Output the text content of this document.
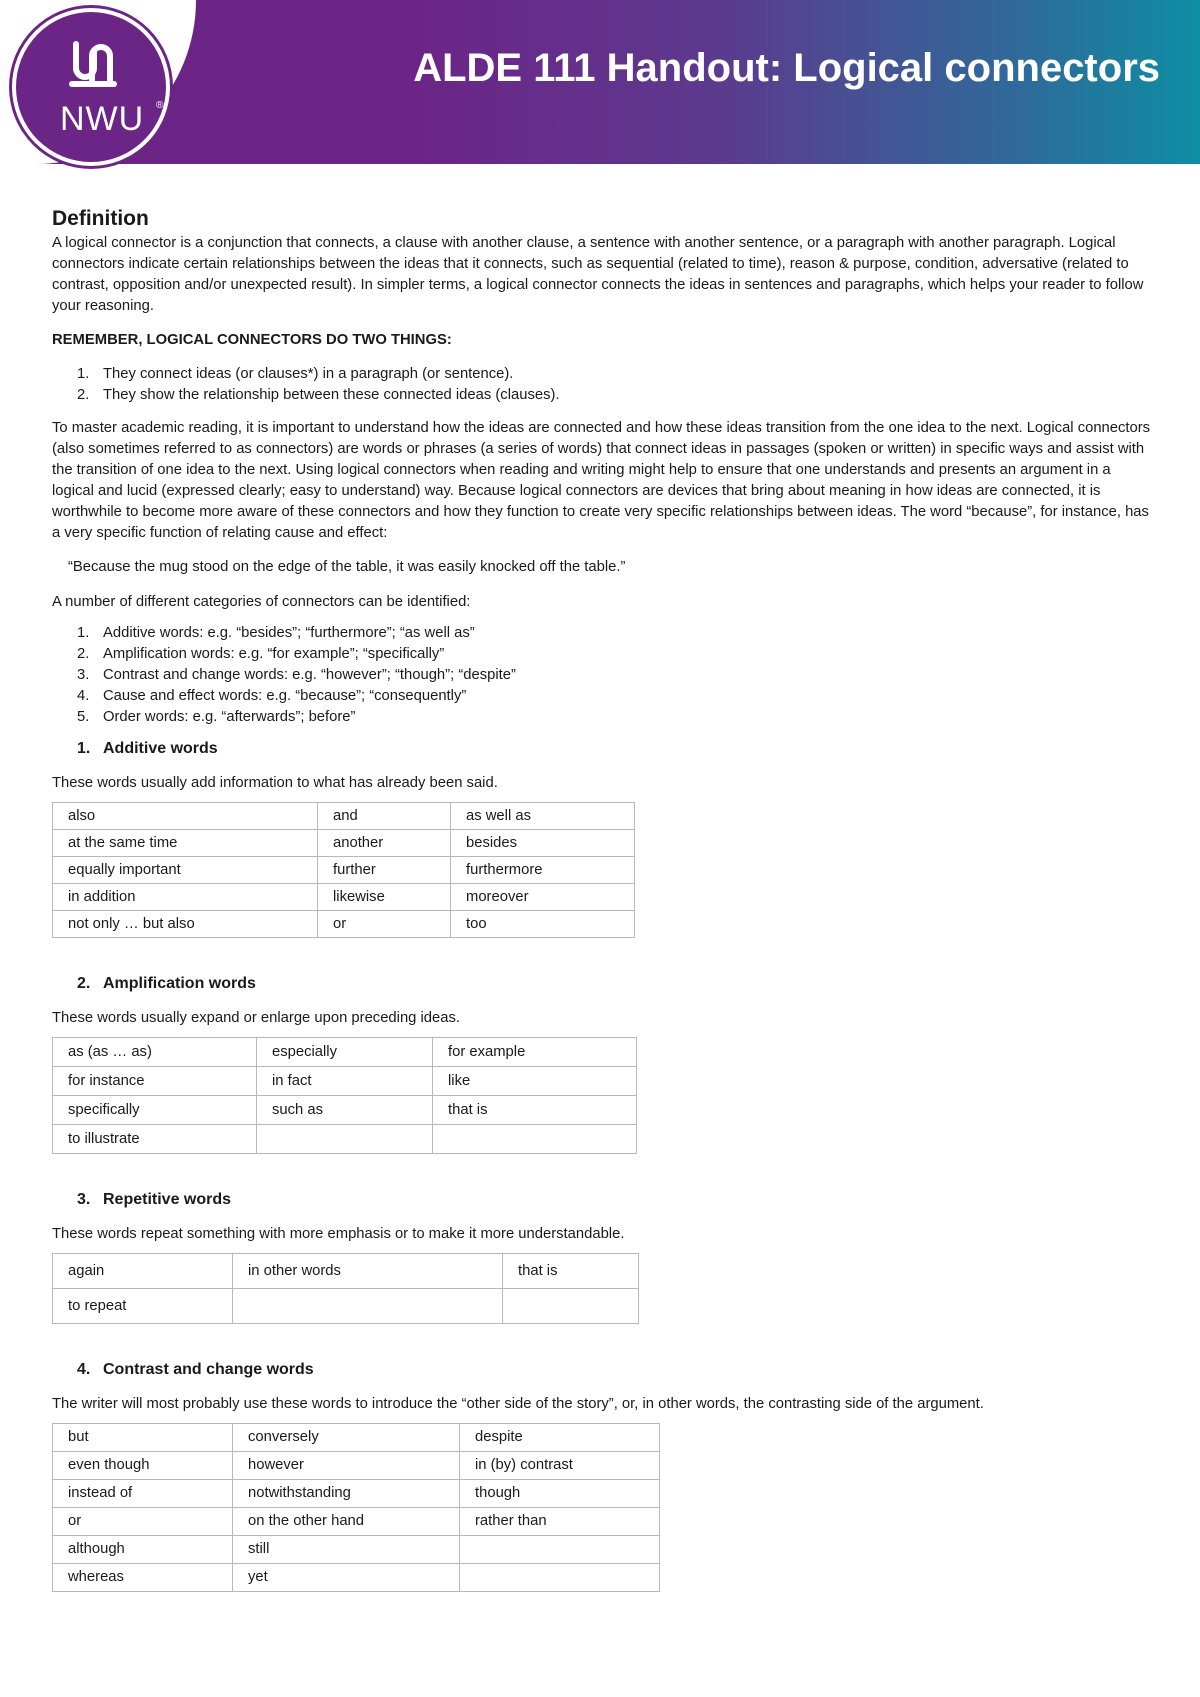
NWU ®
ALDE 111 Handout: Logical connectors
Definition

A logical connector is a conjunction that connects, a clause with another clause, a sentence with another sentence, or a paragraph with another paragraph. Logical connectors indicate certain relationships between the ideas that it connects, such as sequential (related to time), reason & purpose, condition, adversative (related to contrast, opposition and/or unexpected result). In simpler terms, a logical connector connects the ideas in sentences and paragraphs, which helps your reader to follow your reasoning.

REMEMBER, LOGICAL CONNECTORS DO TWO THINGS:
1. They connect ideas (or clauses*) in a paragraph (or sentence).
2. They show the relationship between these connected ideas (clauses).

To master academic reading, it is important to understand how the ideas are connected and how these ideas transition from the one idea to the next. Logical connectors (also sometimes referred to as connectors) are words or phrases (a series of words) that connect ideas in passages (spoken or written) in specific ways and assist with the transition of one idea to the next. Using logical connectors when reading and writing might help to ensure that one understands and presents an argument in a logical and lucid (expressed clearly; easy to understand) way. Because logical connectors are devices that bring about meaning in how ideas are connected, it is worthwhile to become more aware of these connectors and how they function to create very specific relationships between ideas. The word “because”, for instance, has a very specific function of relating cause and effect:

“Because the mug stood on the edge of the table, it was easily knocked off the table.”

A number of different categories of connectors can be identified:

1. Additive words: e.g. “besides”; “furthermore”; “as well as”
2. Amplification words: e.g. “for example”; “specifically”
3. Contrast and change words: e.g. “however”; “though”; “despite”
4. Cause and effect words: e.g. “because”; “consequently”
5. Order words: e.g. “afterwards”; before”
1. Additive words

These words usually add information to what has already been said.

also	and	as well as
at the same time	another	besides
equally important	further	furthermore
in addition	likewise	moreover
not only … but also	or	too
2. Amplification words

These words usually expand or enlarge upon preceding ideas.

as (as … as)	especially	for example
for instance	in fact	like
specifically	such as	that is
to illustrate		
3. Repetitive words

These words repeat something with more emphasis or to make it more understandable.

again	in other words	that is
to repeat		
4. Contrast and change words

The writer will most probably use these words to introduce the “other side of the story”, or, in other words, the contrasting side of the argument.

but	conversely	despite
even though	however	in (by) contrast
instead of	notwithstanding	though
or	on the other hand	rather than
although	still	
whereas	yet	
